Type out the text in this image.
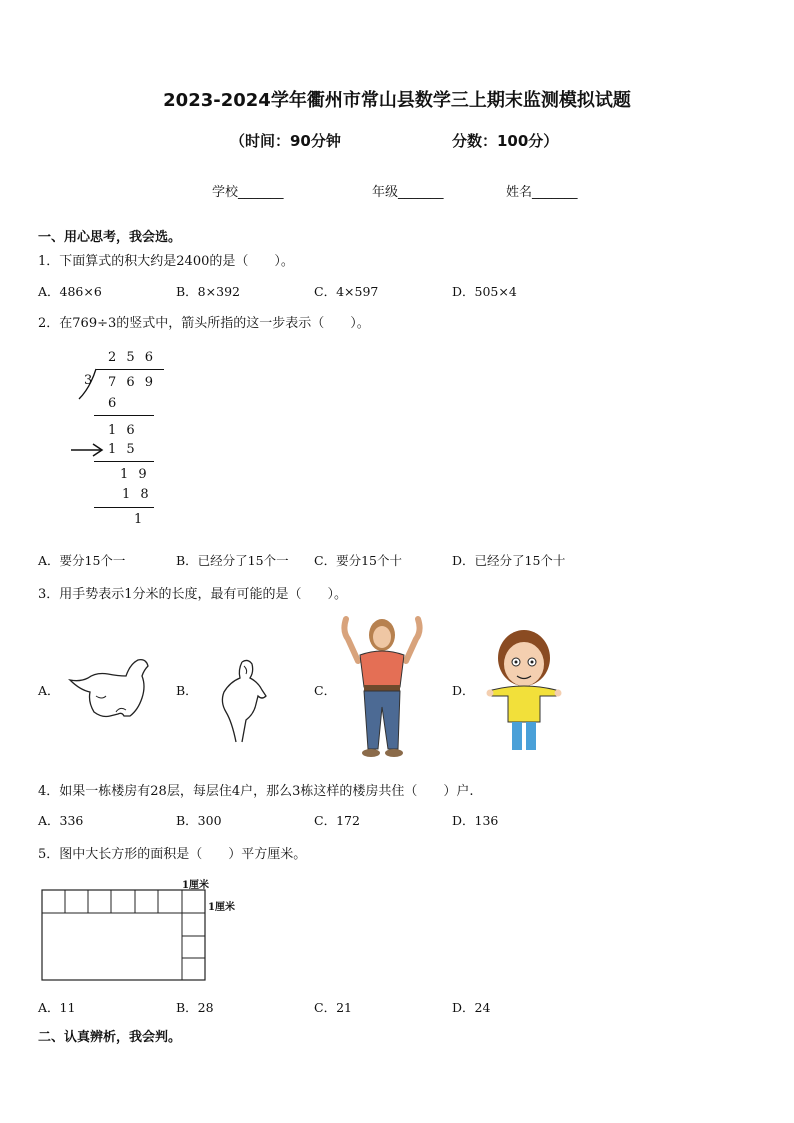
2023-2024学年衢州市常山县数学三上期末监测模拟试题
（时间：90分钟	分数：100分）
学校_______	年级_______	姓名_______
一、用心思考，我会选。
1．下面算式的积大约是2400的是（　　）。
A．486×6	B．8×392	C．4×597	D．505×4
2．在769÷3的竖式中，箭头所指的这一步表示（　　）。
2 5 6
3 7 6 9
6
1 6
1 5
1 9
1 8
1
A．要分15个一	B．已经分了15个一 C．要分15个十	D．已经分了15个十
3．用手势表示1分米的长度，最有可能的是（　　）。
A．	B．	C．	D．
4．如果一栋楼房有28层，每层住4户，那么3栋这样的楼房共住（　　）户.
A．336	B．300	C．172	D．136
5．图中大长方形的面积是（　　）平方厘米。
1厘米
1厘米
A．11	B．28	C．21	D．24
二、认真辨析，我会判。
